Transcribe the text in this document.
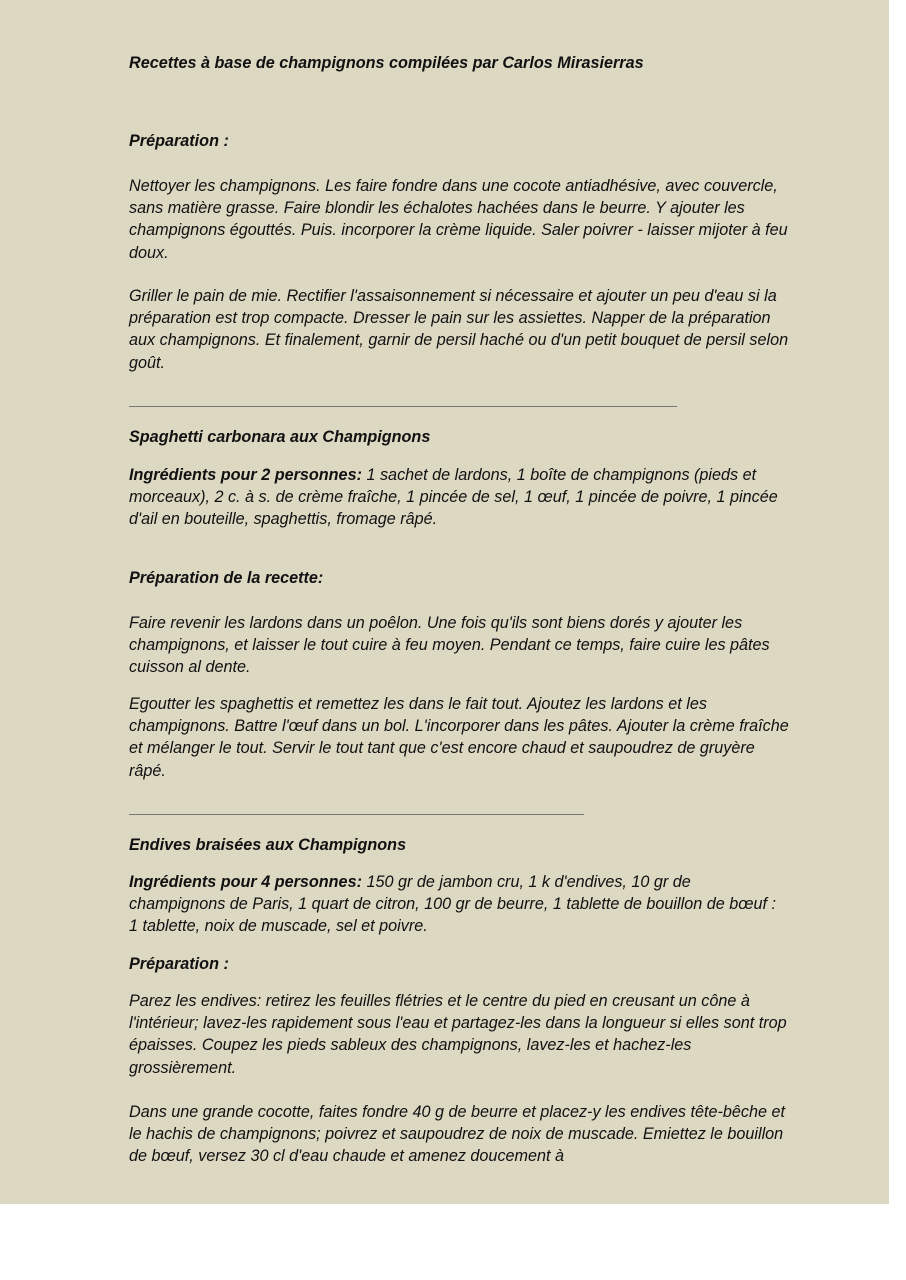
Recettes à base de champignons compilées par Carlos Mirasierras

Préparation :

Nettoyer les champignons. Les faire fondre dans une cocote antiadhésive, avec couvercle, sans matière grasse. Faire blondir les échalotes hachées dans le beurre. Y ajouter les champignons égouttés. Puis. incorporer la crème liquide. Saler poivrer - laisser mijoter à feu doux.

Griller le pain de mie. Rectifier l'assaisonnement si nécessaire et ajouter un peu d'eau si la préparation est trop compacte. Dresser le pain sur les assiettes. Napper de la préparation aux champignons. Et finalement, garnir de persil haché ou d'un petit bouquet de persil selon goût.

Spaghetti carbonara aux Champignons

Ingrédients pour 2 personnes: 1 sachet de lardons, 1 boîte de champignons (pieds et morceaux), 2 c. à s. de crème fraîche, 1 pincée de sel, 1 œuf, 1 pincée de poivre, 1 pincée d'ail en bouteille, spaghettis, fromage râpé.

Préparation de la recette:

Faire revenir les lardons dans un poêlon. Une fois qu'ils sont biens dorés y ajouter les champignons, et laisser le tout cuire à feu moyen. Pendant ce temps, faire cuire les pâtes cuisson al dente.

Egoutter les spaghettis et remettez les dans le fait tout. Ajoutez les lardons et les champignons. Battre l'œuf dans un bol. L'incorporer dans les pâtes. Ajouter la crème fraîche et mélanger le tout. Servir le tout tant que c'est encore chaud et saupoudrez de gruyère râpé.

Endives braisées aux Champignons

Ingrédients pour 4 personnes: 150 gr de jambon cru, 1 k d'endives, 10 gr de champignons de Paris, 1 quart de citron, 100 gr de beurre, 1 tablette de bouillon de bœuf : 1 tablette, noix de muscade, sel et poivre.

Préparation :

Parez les endives: retirez les feuilles flétries et le centre du pied en creusant un cône à l'intérieur; lavez-les rapidement sous l'eau et partagez-les dans la longueur si elles sont trop épaisses. Coupez les pieds sableux des champignons, lavez-les et hachez-les grossièrement.

Dans une grande cocotte, faites fondre 40 g de beurre et placez-y les endives tête-bêche et le hachis de champignons; poivrez et saupoudrez de noix de muscade. Emiettez le bouillon de bœuf, versez 30 cl d'eau chaude et amenez doucement à
